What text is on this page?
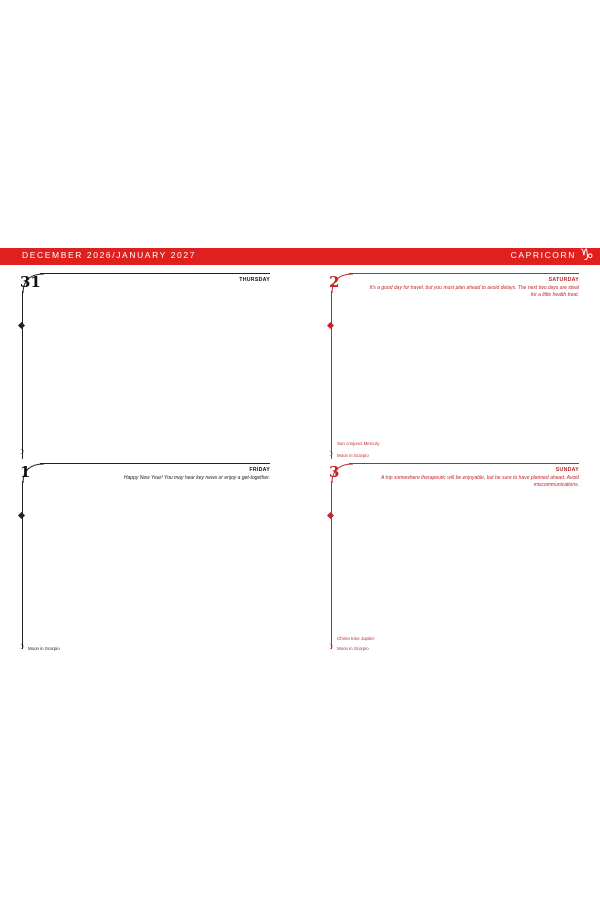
DECEMBER 2026/JANUARY 2027	CAPRICORN ♑
31	THURSDAY
☽
1	FRIDAY
Happy New Year! You may hear key news or enjoy a get-together.
☽ Moon in Scorpio
2	SATURDAY
It's a good day for travel, but you must plan ahead to avoid delays. The next two days are ideal for a little health treat.
Sun conjunct Mercury
☽ Moon in Scorpio
3	SUNDAY
A trip somewhere therapeutic will be enjoyable, but be sure to have planned ahead. Avoid miscommunications.
Chiron trine Jupiter
☽ Moon in Scorpio
